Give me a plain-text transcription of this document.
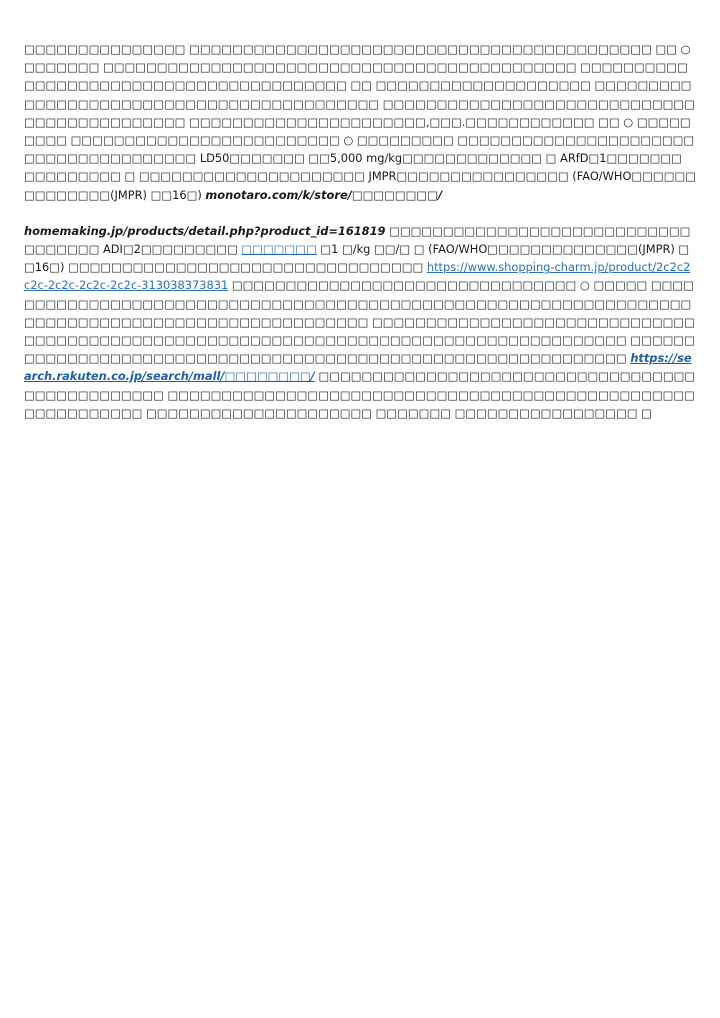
□□□□□□□□□□□□□□□ □□□□□□□□□□□□□□□□□□□□□□□□□□□□□□□□□□□□□□□□□□□ □□ ○ □□□□□□□ □□□□□□□□□□□□□□□□□□□□□□□□□□□□□□□□□□□□□□□□□□□□ □□□□□□□□□□□□□□□□□□□□□□□□□□□□□□□□□□□□□□□□ □□ □□□□□□□□□□□□□□□□□□□□ □□□□□□□□□□□□□□□□□□□□□□□□□□□□□□□□□□□□□□□□□□ □□□□□□□□□□□□□□□□□□□□□□□□□□□□□□□□□□□□□□□□□□□□ □□□□□□□□□□□□□□□□□□□□□□,□□□.□□□□□□□□□□□□ □□ ○ □□□□□□□□□ □□□□□□□□□□□□□□□□□□□□□□□□□ ○ □□□□□□□□□ □□□□□□□□□□□□□□□□□□□□□□□□□□□□□□□□□□□□□□ LD50□□□□□□□ □□5,000 mg/kg□□□□□□□□□□□□□ □ ARfD□1□□□□□□□ □□□□□□□□□ □ □□□□□□□□□□□□□□□□□□□□□ JMPR□□□□□□□□□□□□□□□□ (FAO/WHO□□□□□□□□□□□□□□(JMPR) □□16□) monotaro.com/k/store/□□□□□□□□/

homemaking.jp/products/detail.php?product_id=161819 □□□□□□□□□□□□□□□□□□□□□□□□□□□□□□□□□□□ ADI□2□□□□□□□□□ □□□□□□□ □1 □/kg □□/□ □ (FAO/WHO□□□□□□□□□□□□□□(JMPR) □□16□) □□□□□□□□□□□□□□□□□□□□□□□□□□□□□□□□□ https://www.shopping-charm.jp/product/2c2c2c2c-2c2c-2c2c-2c2c-313038373831 □□□□□□□□□□□□□□□□□□□□□□□□□□□□□□□□ ○ □□□□□ □□□□□□□□□□□□□□□□□□□□□□□□□□□□□□□□□□□□□□□□□□□□□□□□□□□□□□□□□□□□□□□□□□□□□□□□□□□□□□□□□□□□□□□□□□□□□□□□□□ □□□□□□□□□□□□□□□□□□□□□□□□□□□□□□□□□□□□□□□□□□□□□□□□□□□□□□□□□□□□□□□□□□□□□□□□□□□□□□□□□□□□□□ □□□□□□□□□□□□□□□□□□□□□□□□□□□□□□□□□□□□□□□□□□□□□□□□□□□□□□□□□□□□□□ https://search.rakuten.co.jp/search/mall/□□□□□□□□/ □□□□□□□□□□□□□□□□□□□□□□□□□□□□□□□□□□□□□□□□□□□□□□□□ □□□□□□□□□□□□□□□□□□□□□□□□□□□□□□□□□□□□□□□□□□□□□□□□□□□□□□□□□□□□ □□□□□□□□□□□□□□□□□□□□□ □□□□□□□ □□□□□□□□□□□□□□□□□ □
